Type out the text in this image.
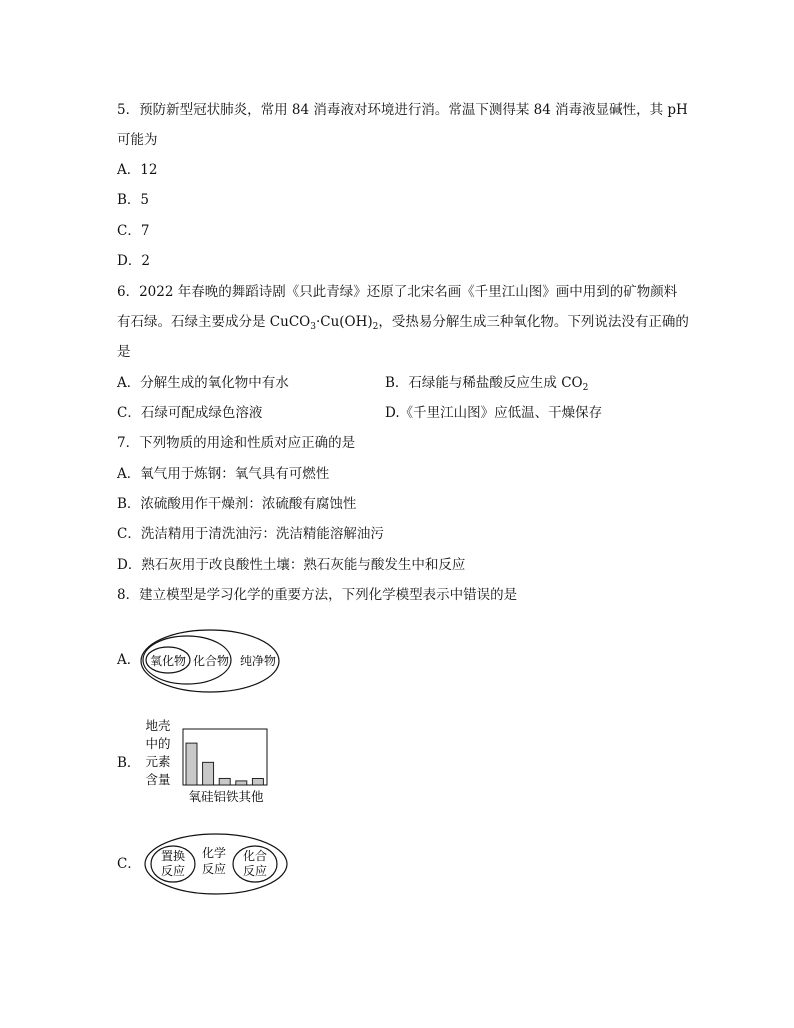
5．预防新型冠状肺炎，常用 84 消毒液对环境进行消。常温下测得某 84 消毒液显碱性，其 pH
可能为
A．12
B．5
C．7
D．2
6．2022 年春晚的舞蹈诗剧《只此青绿》还原了北宋名画《千里江山图》画中用到的矿物颜料
有石绿。石绿主要成分是 $CuCO_3\cdot Cu(OH)_2$，受热易分解生成三种氧化物。下列说法没有正确的
是
A．分解生成的氧化物中有水	B．石绿能与稀盐酸反应生成 $CO_2$
C．石绿可配成绿色溶液	D.《千里江山图》应低温、干燥保存
7．下列物质的用途和性质对应正确的是
A．氧气用于炼钢：氧气具有可燃性
B．浓硫酸用作干燥剂：浓硫酸有腐蚀性
C．洗洁精用于清洗油污：洗洁精能溶解油污
D．熟石灰用于改良酸性土壤：熟石灰能与酸发生中和反应
8．建立模型是学习化学的重要方法，下列化学模型表示中错误的是
A． 氧化物 化合物 纯净物
B．
地壳
中的
元素
含量
氧硅铝铁其他
C． 置换
反应
化学
反应
化合
反应
